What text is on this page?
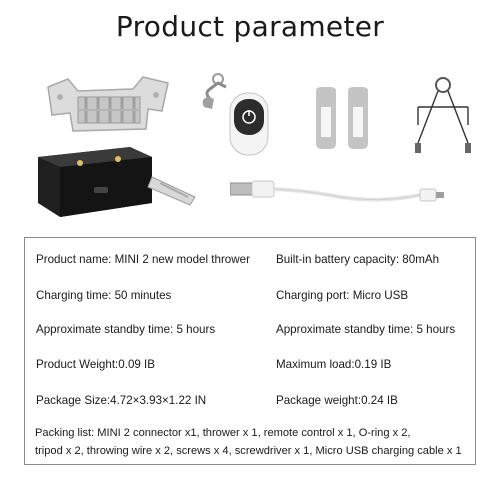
Product parameter
Product name: MINI 2 new model thrower Built-in battery capacity: 80mAh
Charging time: 50 minutes	Charging port: Micro USB
Approximate standby time: 5 hours	Approximate standby time: 5 hours
Product Weight:0.09 IB	Maximum load:0.19 IB
Package Size:4.72×3.93×1.22 IN	Package weight:0.24 IB
Packing list: MINI 2 connector x1, thrower x 1, remote control x 1, O-ring x 2,
tripod x 2, throwing wire x 2, screws x 4, screwdriver x 1, Micro USB charging cable x 1
